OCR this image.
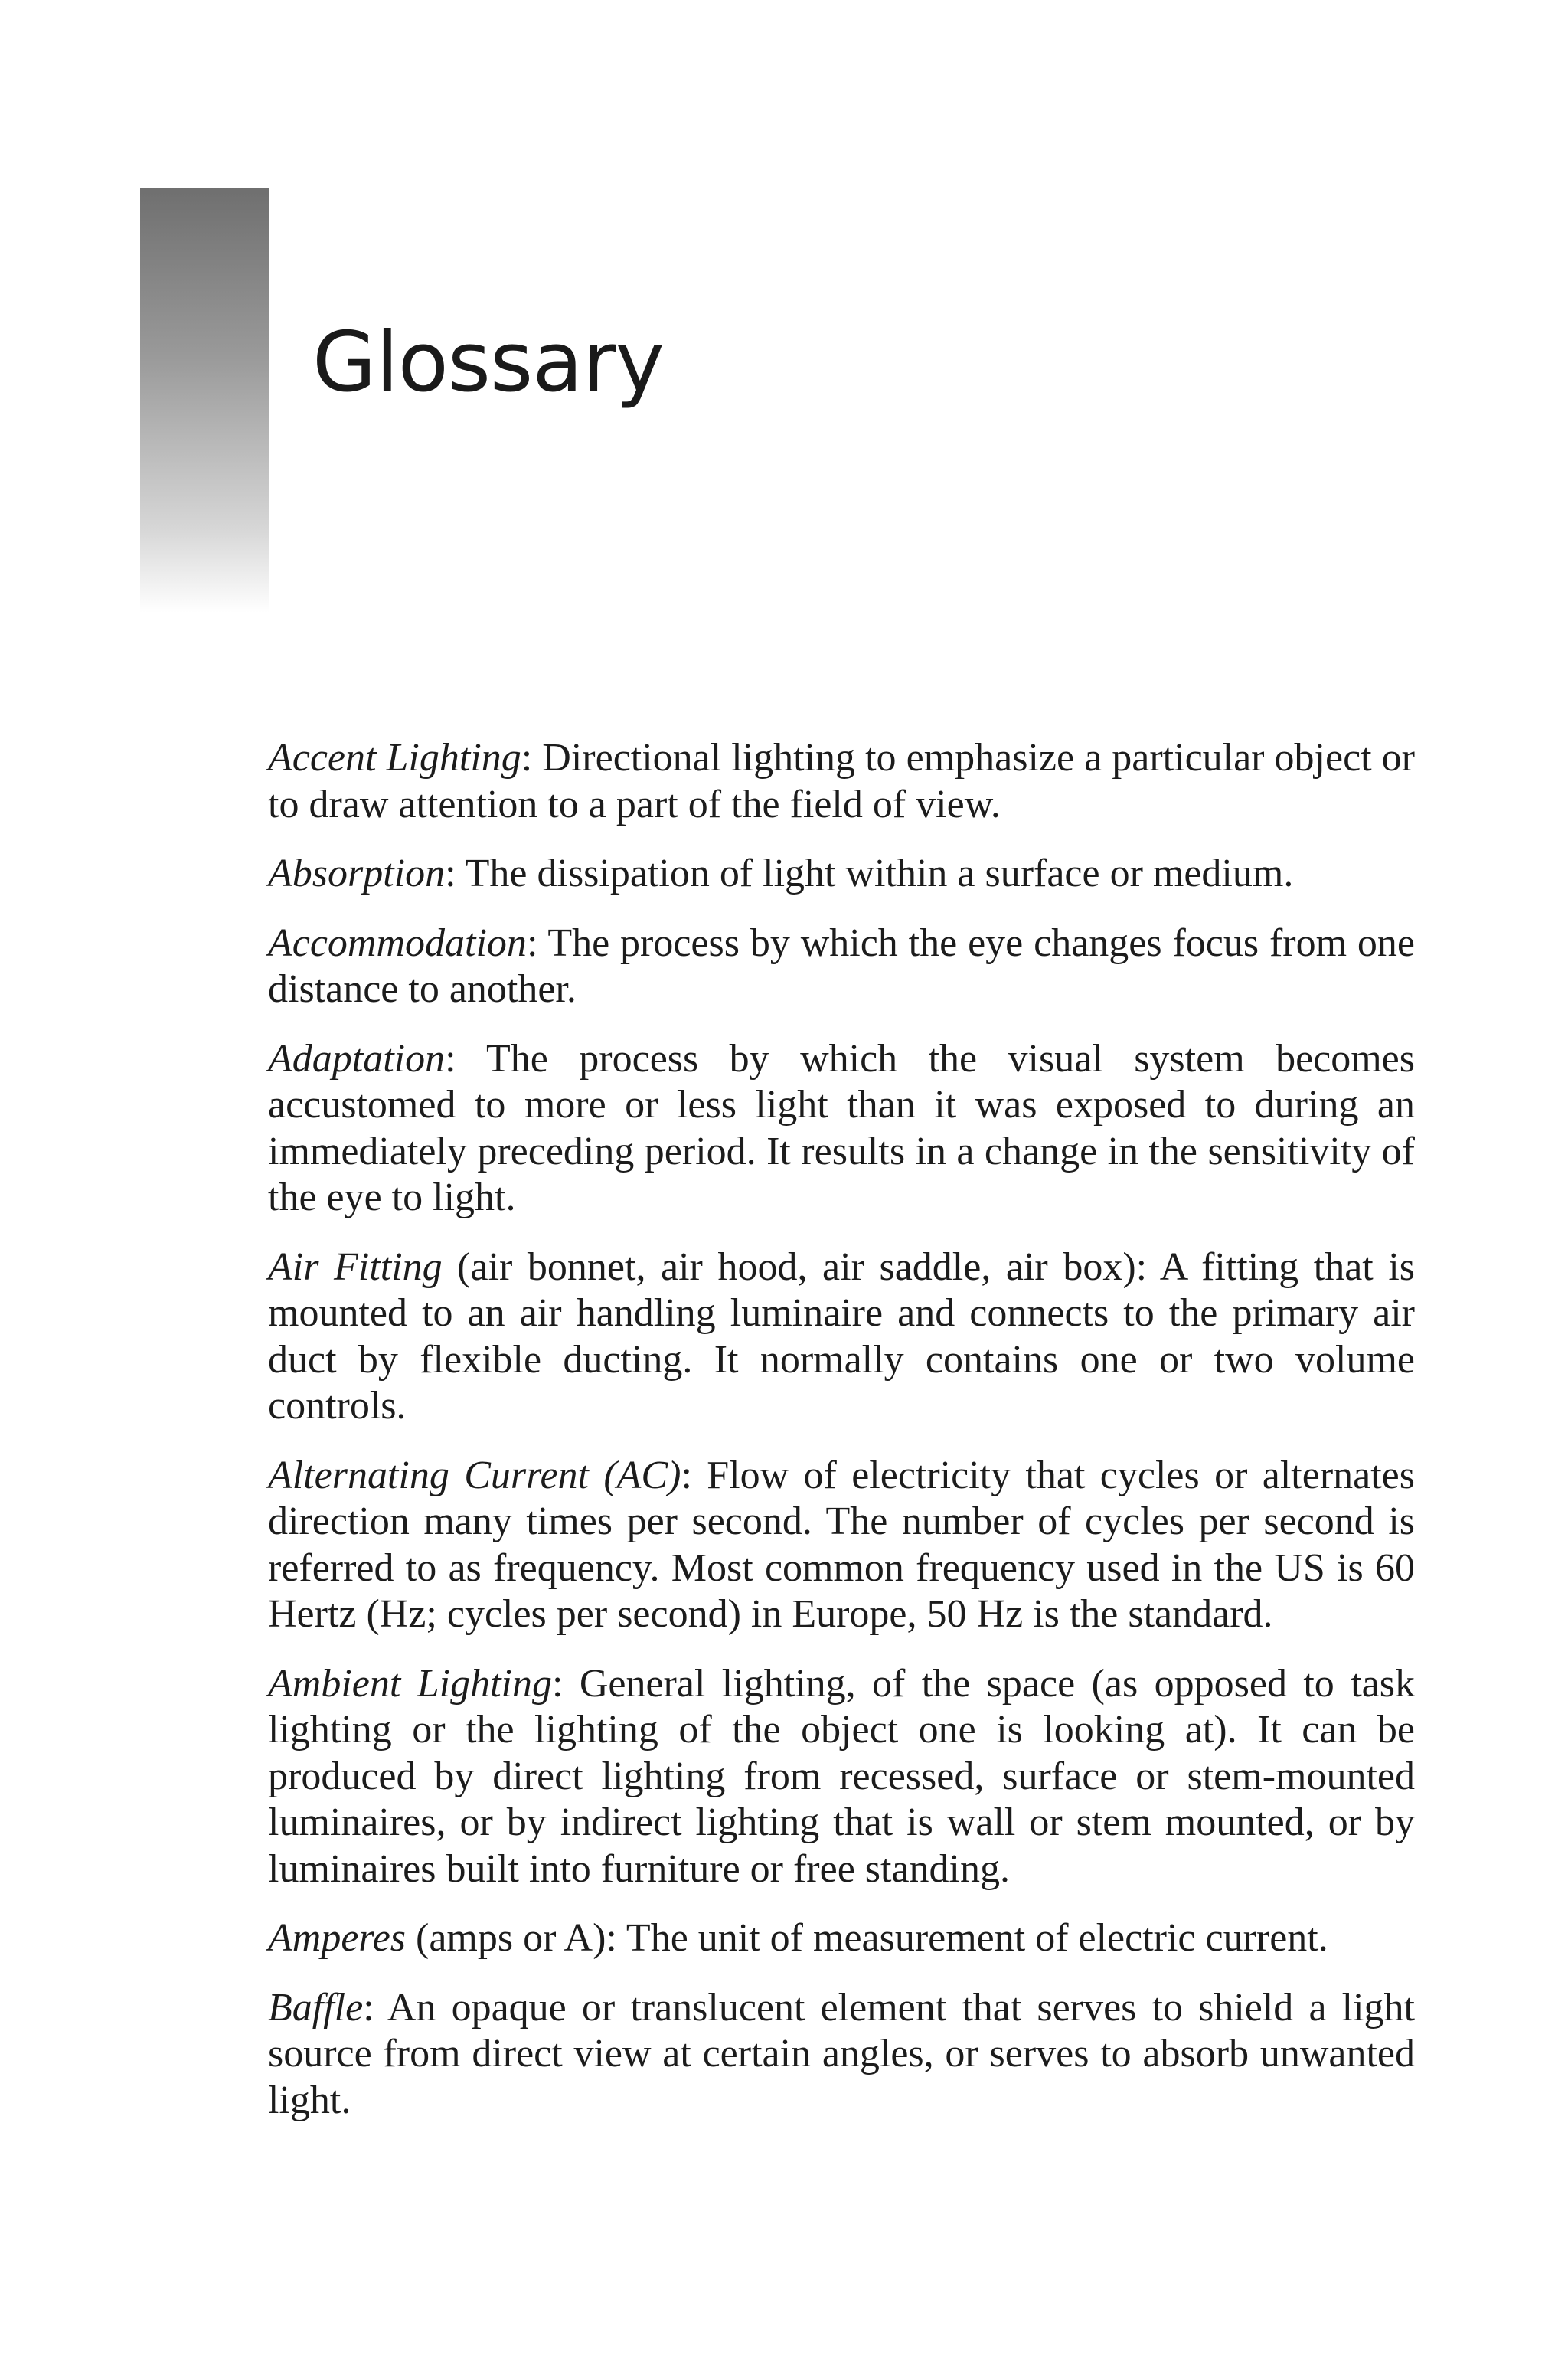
Glossary

Accent Lighting: Directional lighting to emphasize a particular object or to draw attention to a part of the field of view.

Absorption: The dissipation of light within a surface or medium.

Accommodation: The process by which the eye changes focus from one distance to another.

Adaptation: The process by which the visual system becomes accustomed to more or less light than it was exposed to during an immediately preceding period. It results in a change in the sensitivity of the eye to light.

Air Fitting (air bonnet, air hood, air saddle, air box): A fitting that is mounted to an air handling luminaire and connects to the primary air duct by flexible ducting. It normally contains one or two volume controls.

Alternating Current (AC): Flow of electricity that cycles or alternates direction many times per second. The number of cycles per second is referred to as frequency. Most common frequency used in the US is 60 Hertz (Hz; cycles per second) in Europe, 50 Hz is the standard.

Ambient Lighting: General lighting, of the space (as opposed to task lighting or the lighting of the object one is looking at). It can be produced by direct lighting from recessed, surface or stem-mounted luminaires, or by indirect lighting that is wall or stem mounted, or by luminaires built into furniture or free standing.

Amperes (amps or A): The unit of measurement of electric current.

Baffle: An opaque or translucent element that serves to shield a light source from direct view at certain angles, or serves to absorb unwanted light.
